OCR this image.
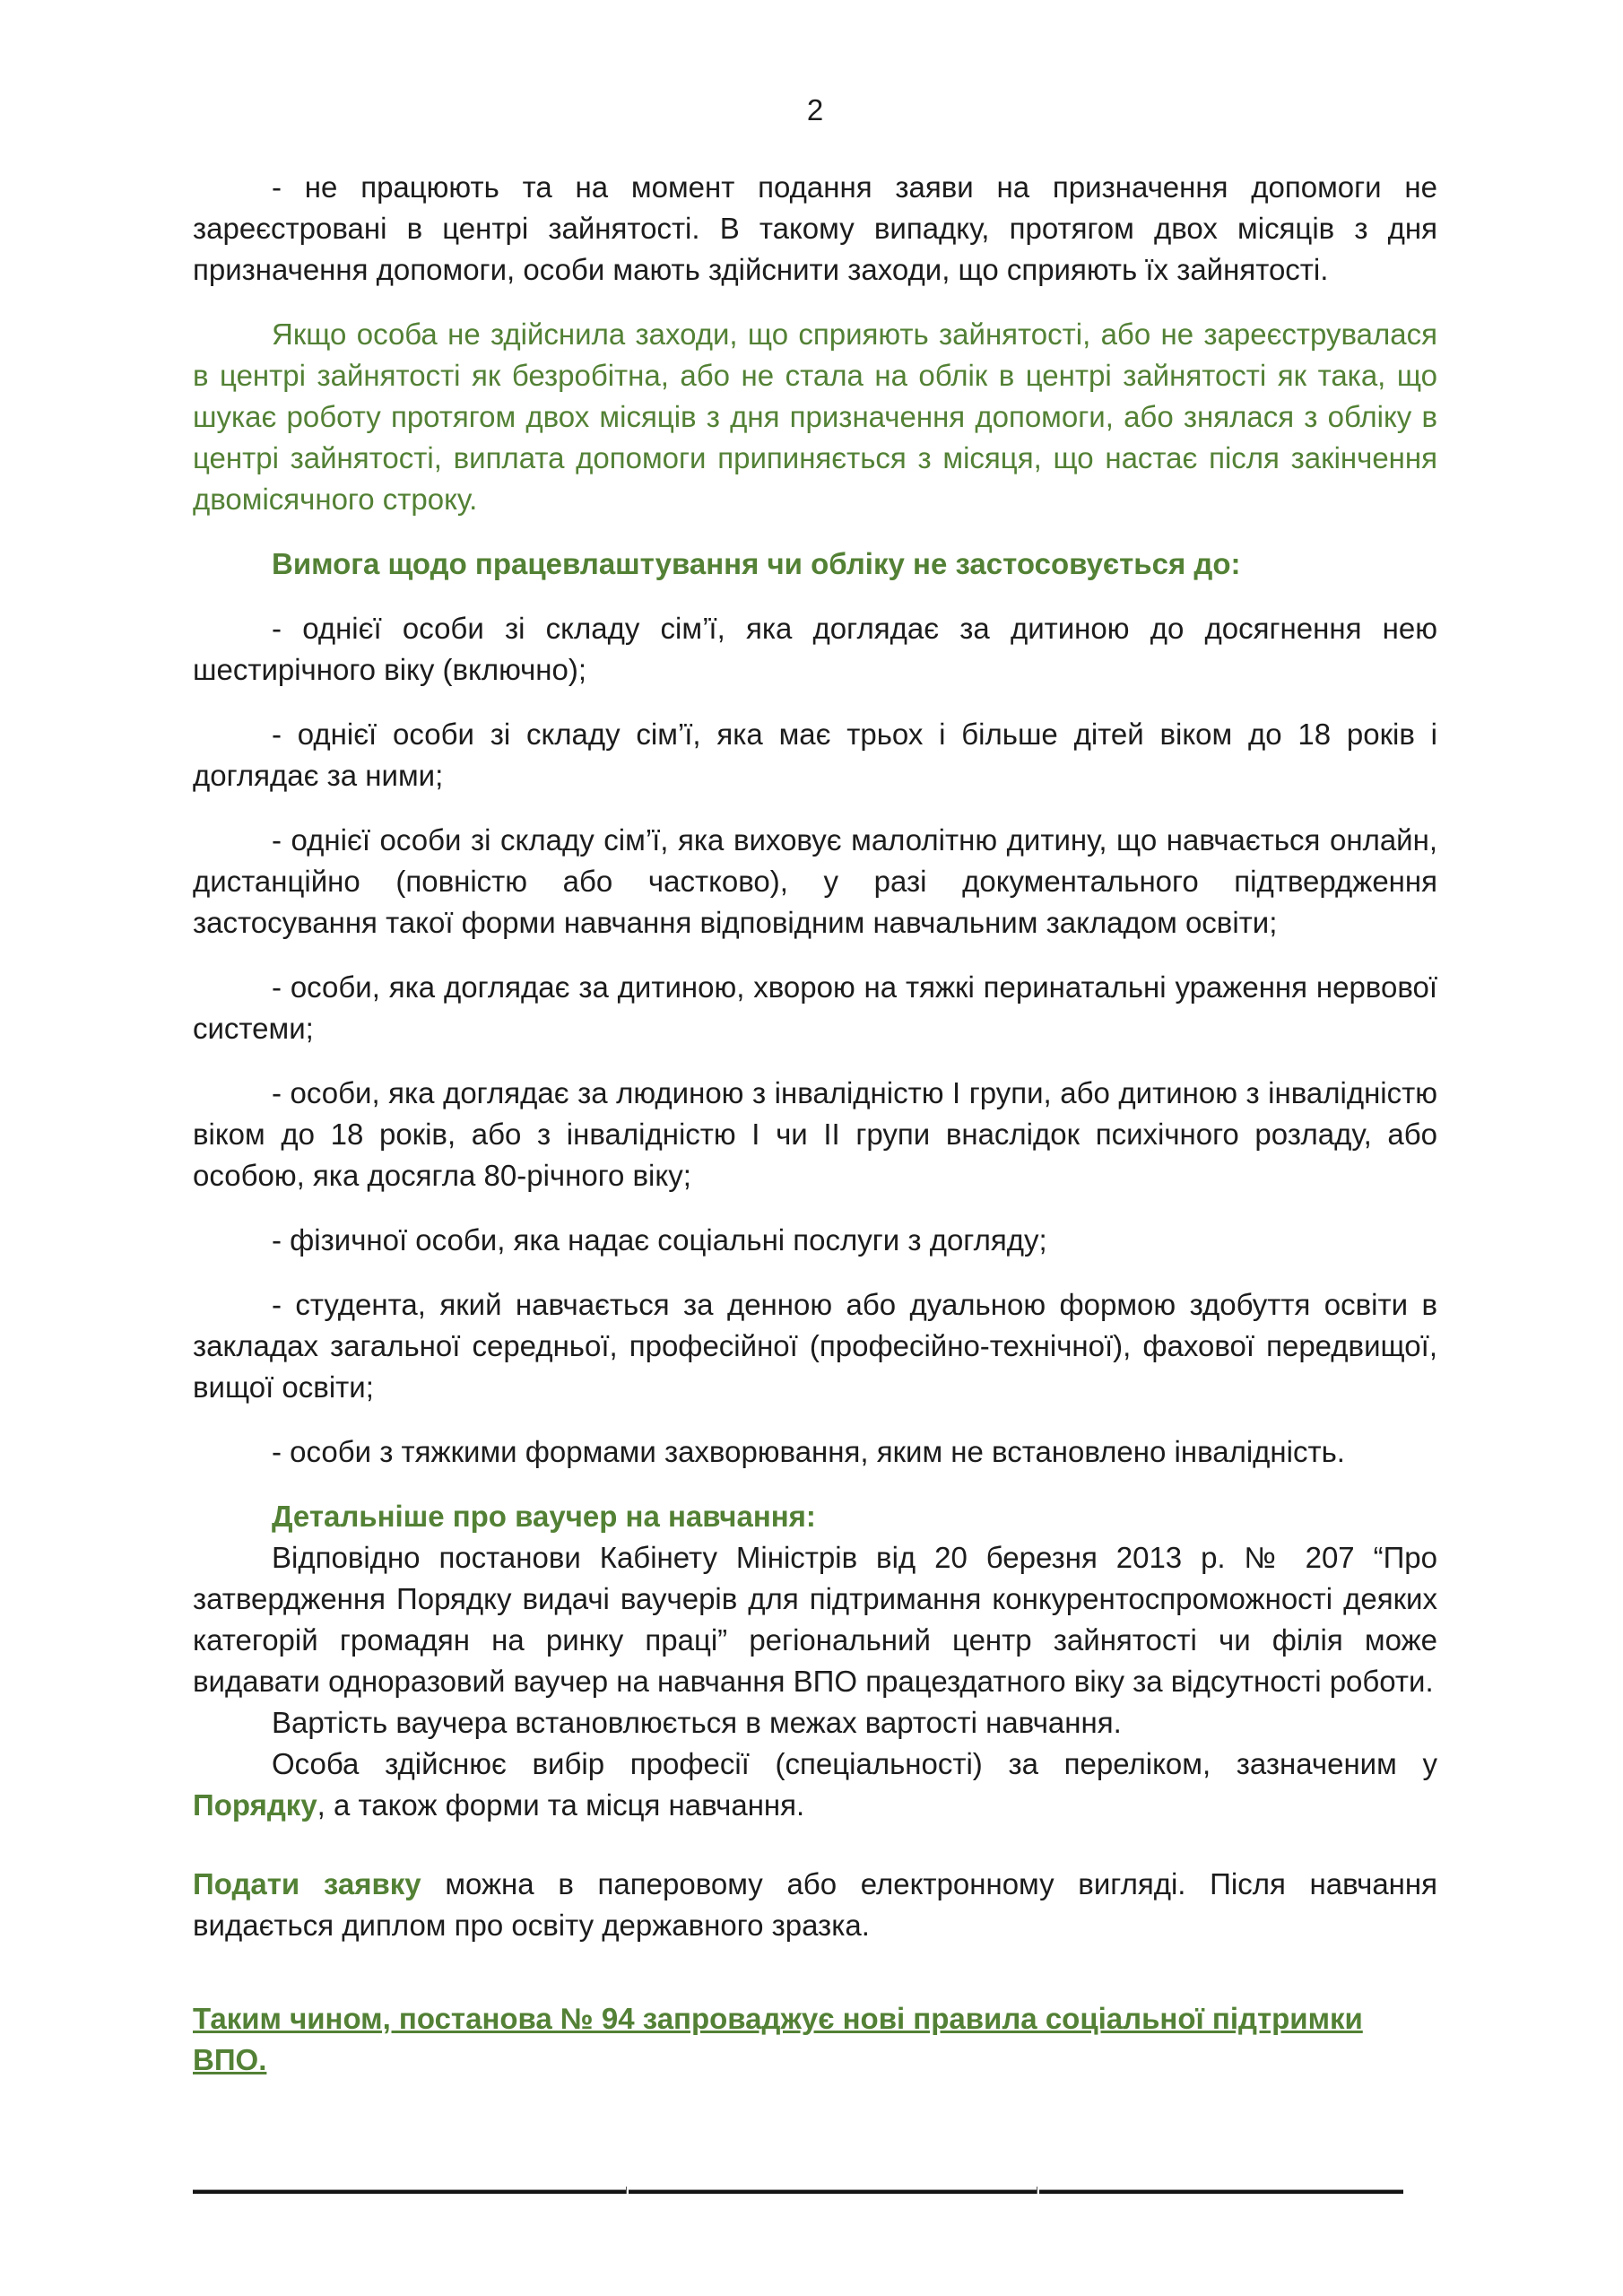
2

- не працюють та на момент подання заяви на призначення допомоги не зареєстровані в центрі зайнятості. В такому випадку, протягом двох місяців з дня призначення допомоги, особи мають здійснити заходи, що сприяють їх зайнятості.

Якщо особа не здійснила заходи, що сприяють зайнятості, або не зареєструвалася в центрі зайнятості як безробітна, або не стала на облік в центрі зайнятості як така, що шукає роботу протягом двох місяців з дня призначення допомоги, або знялася з обліку в центрі зайнятості, виплата допомоги припиняється з місяця, що настає після закінчення двомісячного строку.

Вимога щодо працевлаштування чи обліку не застосовується до:

- однієї особи зі складу сім’ї, яка доглядає за дитиною до досягнення нею шестирічного віку (включно);

- однієї особи зі складу сім’ї, яка має трьох і більше дітей віком до 18 років і доглядає за ними;

- однієї особи зі складу сім’ї, яка виховує малолітню дитину, що навчається онлайн, дистанційно (повністю або частково), у разі документального підтвердження застосування такої форми навчання відповідним навчальним закладом освіти;

- особи, яка доглядає за дитиною, хворою на тяжкі перинатальні ураження нервової системи;

- особи, яка доглядає за людиною з інвалідністю І групи, або дитиною з інвалідністю віком до 18 років, або з інвалідністю І чи ІІ групи внаслідок психічного розладу, або особою, яка досягла 80-річного віку;

- фізичної особи, яка надає соціальні послуги з догляду;

- студента, який навчається за денною або дуальною формою здобуття освіти в закладах загальної середньої, професійної (професійно-технічної), фахової передвищої, вищої освіти;

- особи з тяжкими формами захворювання, яким не встановлено інвалідність.

Детальніше про ваучер на навчання:

Відповідно постанови Кабінету Міністрів від 20 березня 2013 р. № 207 “Про затвердження Порядку видачі ваучерів для підтримання конкурентоспроможності деяких категорій громадян на ринку праці” регіональний центр зайнятості чи філія може видавати одноразовий ваучер на навчання ВПО працездатного віку за відсутності роботи.

Вартість ваучера встановлюється в межах вартості навчання.

Особа здійснює вибір професії (спеціальності) за переліком, зазначеним у Порядку, а також форми та місця навчання.

Подати заявку можна в паперовому або електронному вигляді. Після навчання видається диплом про освіту державного зразка.

Таким чином, постанова № 94 запроваджує нові правила соціальної підтримки ВПО.
